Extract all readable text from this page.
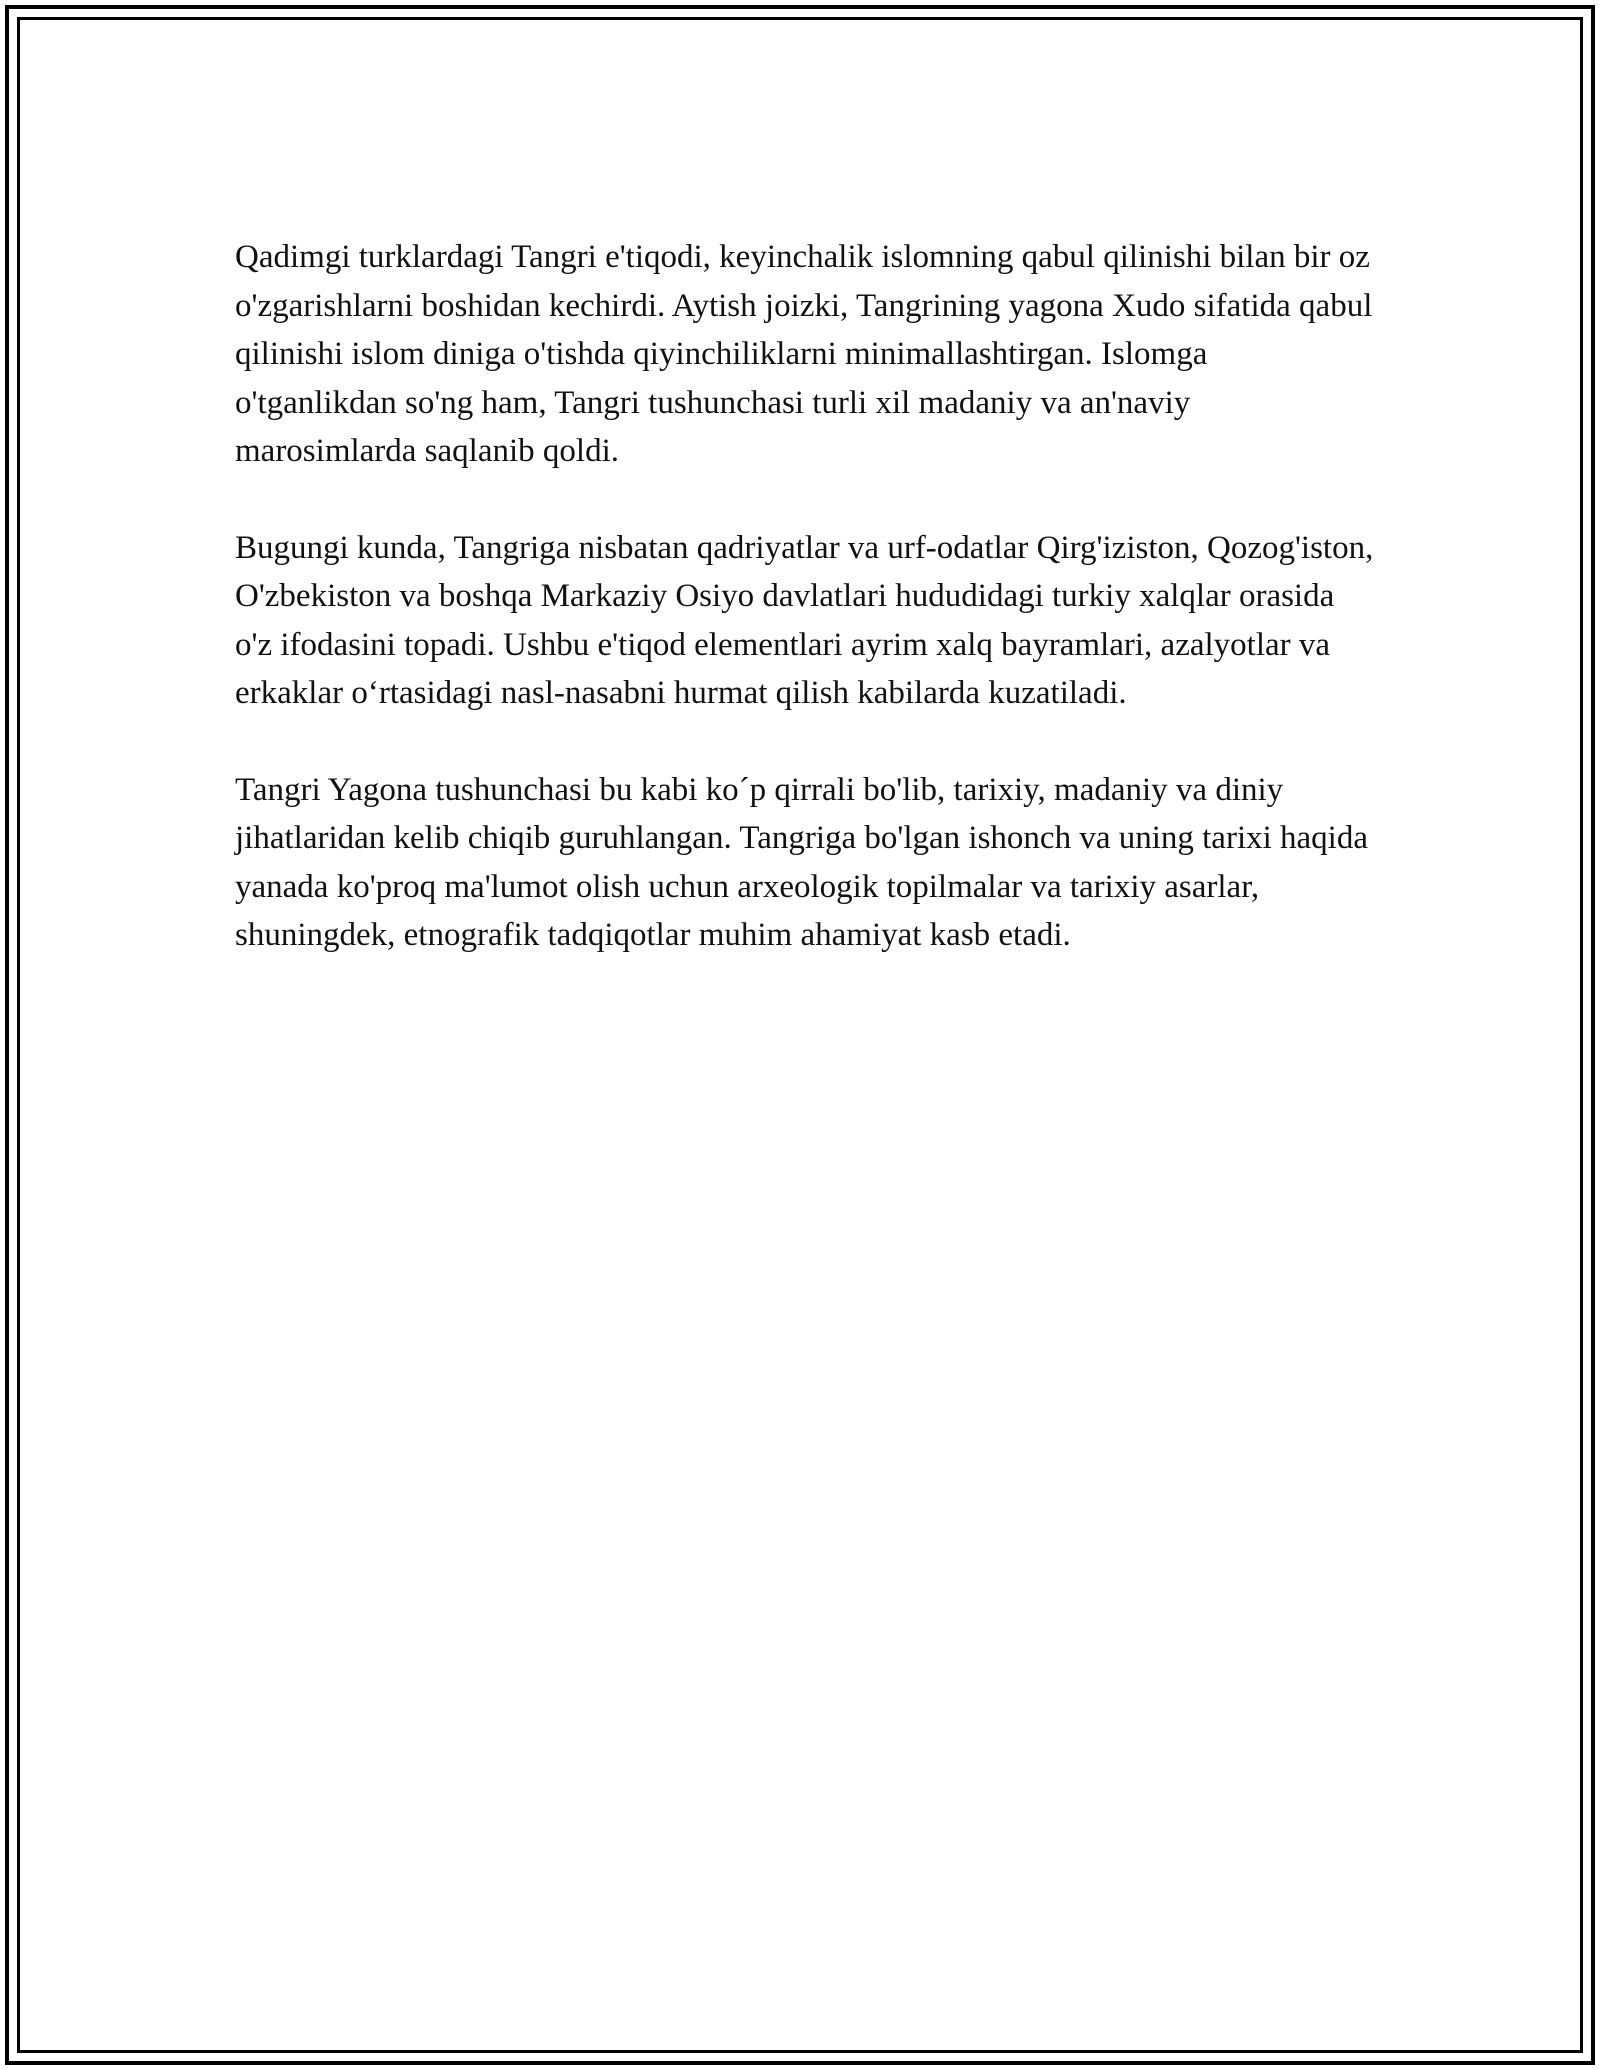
Qadimgi turklardagi Tangri e'tiqodi, keyinchalik islomning qabul qilinishi bilan bir oz o'zgarishlarni boshidan kechirdi. Aytish joizki, Tangrining yagona Xudo sifatida qabul qilinishi islom diniga o'tishda qiyinchiliklarni minimallashtirgan. Islomga o'tganlikdan so'ng ham, Tangri tushunchasi turli xil madaniy va an'naviy marosimlarda saqlanib qoldi.

Bugungi kunda, Tangriga nisbatan qadriyatlar va urf-odatlar Qirg'iziston, Qozog'iston, O'zbekiston va boshqa Markaziy Osiyo davlatlari hududidagi turkiy xalqlar orasida o'z ifodasini topadi. Ushbu e'tiqod elementlari ayrim xalq bayramlari, azalyotlar va erkaklar o‘rtasidagi nasl-nasabni hurmat qilish kabilarda kuzatiladi.

Tangri Yagona tushunchasi bu kabi ko´p qirrali bo'lib, tarixiy, madaniy va diniy jihatlaridan kelib chiqib guruhlangan. Tangriga bo'lgan ishonch va uning tarixi haqida yanada ko'proq ma'lumot olish uchun arxeologik topilmalar va tarixiy asarlar, shuningdek, etnografik tadqiqotlar muhim ahamiyat kasb etadi.
